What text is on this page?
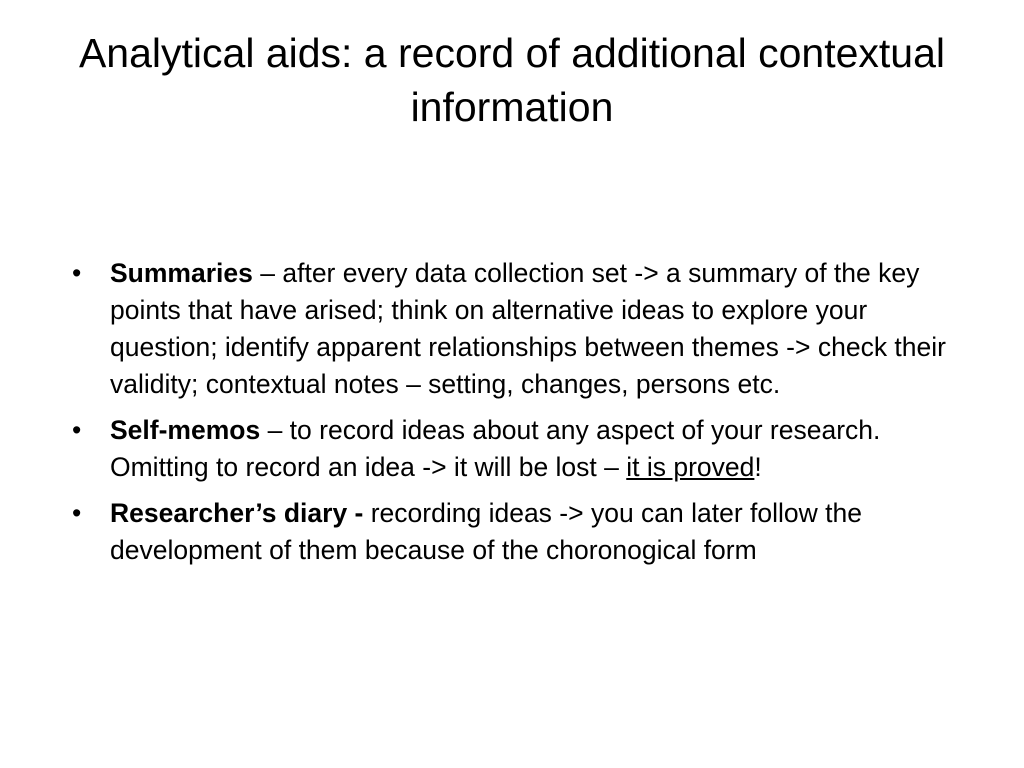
Analytical aids: a record of additional contextual information
• Summaries – after every data collection set -> a summary of the key points that have arised; think on alternative ideas to explore your question; identify apparent relationships between themes -> check their validity; contextual notes – setting, changes, persons etc.
• Self-memos – to record ideas about any aspect of your research. Omitting to record an idea -> it will be lost – it is proved!
• Researcher’s diary - recording ideas -> you can later follow the development of them because of the choronogical form
